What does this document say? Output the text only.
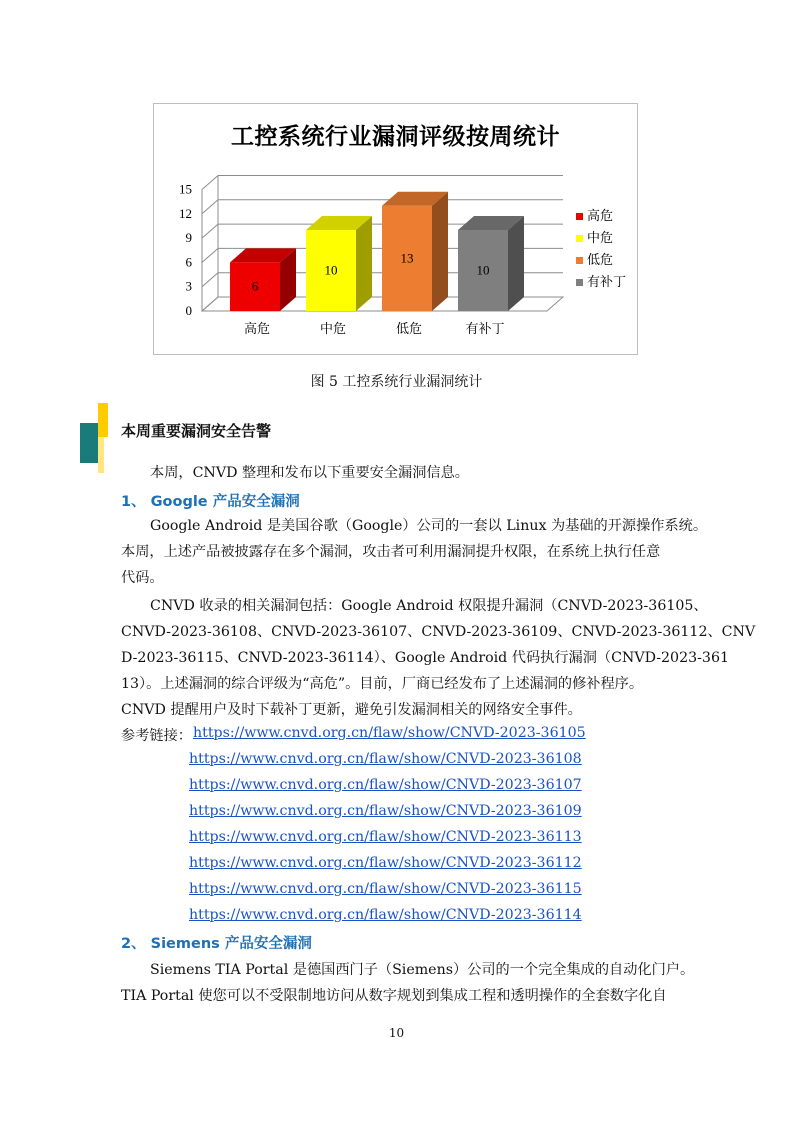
工控系统行业漏洞评级按周统计
0
3
6
9
12
15
6
高危
10
中危
13
低危
10
有补丁
高危
中危
低危
有补丁
图 5 工控系统行业漏洞统计
本周重要漏洞安全告警
本周，CNVD 整理和发布以下重要安全漏洞信息。
1、 Google 产品安全漏洞
Google Android 是美国谷歌（Google）公司的一套以 Linux 为基础的开源操作系统。
本周，上述产品被披露存在多个漏洞，攻击者可利用漏洞提升权限，在系统上执行任意
代码。
CNVD 收录的相关漏洞包括：Google Android 权限提升漏洞（CNVD-2023-36105、
CNVD-2023-36108、CNVD-2023-36107、CNVD-2023-36109、CNVD-2023-36112、CNV
D-2023-36115、CNVD-2023-36114）、Google Android 代码执行漏洞（CNVD-2023-361
13）。上述漏洞的综合评级为“高危”。目前，厂商已经发布了上述漏洞的修补程序。
CNVD 提醒用户及时下载补丁更新，避免引发漏洞相关的网络安全事件。
参考链接： https://www.cnvd.org.cn/flaw/show/CNVD-2023-36105
https://www.cnvd.org.cn/flaw/show/CNVD-2023-36108
https://www.cnvd.org.cn/flaw/show/CNVD-2023-36107
https://www.cnvd.org.cn/flaw/show/CNVD-2023-36109
https://www.cnvd.org.cn/flaw/show/CNVD-2023-36113
https://www.cnvd.org.cn/flaw/show/CNVD-2023-36112
https://www.cnvd.org.cn/flaw/show/CNVD-2023-36115
https://www.cnvd.org.cn/flaw/show/CNVD-2023-36114
2、 Siemens 产品安全漏洞
Siemens TIA Portal 是德国西门子（Siemens）公司的一个完全集成的自动化门户。
TIA Portal 使您可以不受限制地访问从数字规划到集成工程和透明操作的全套数字化自
10
